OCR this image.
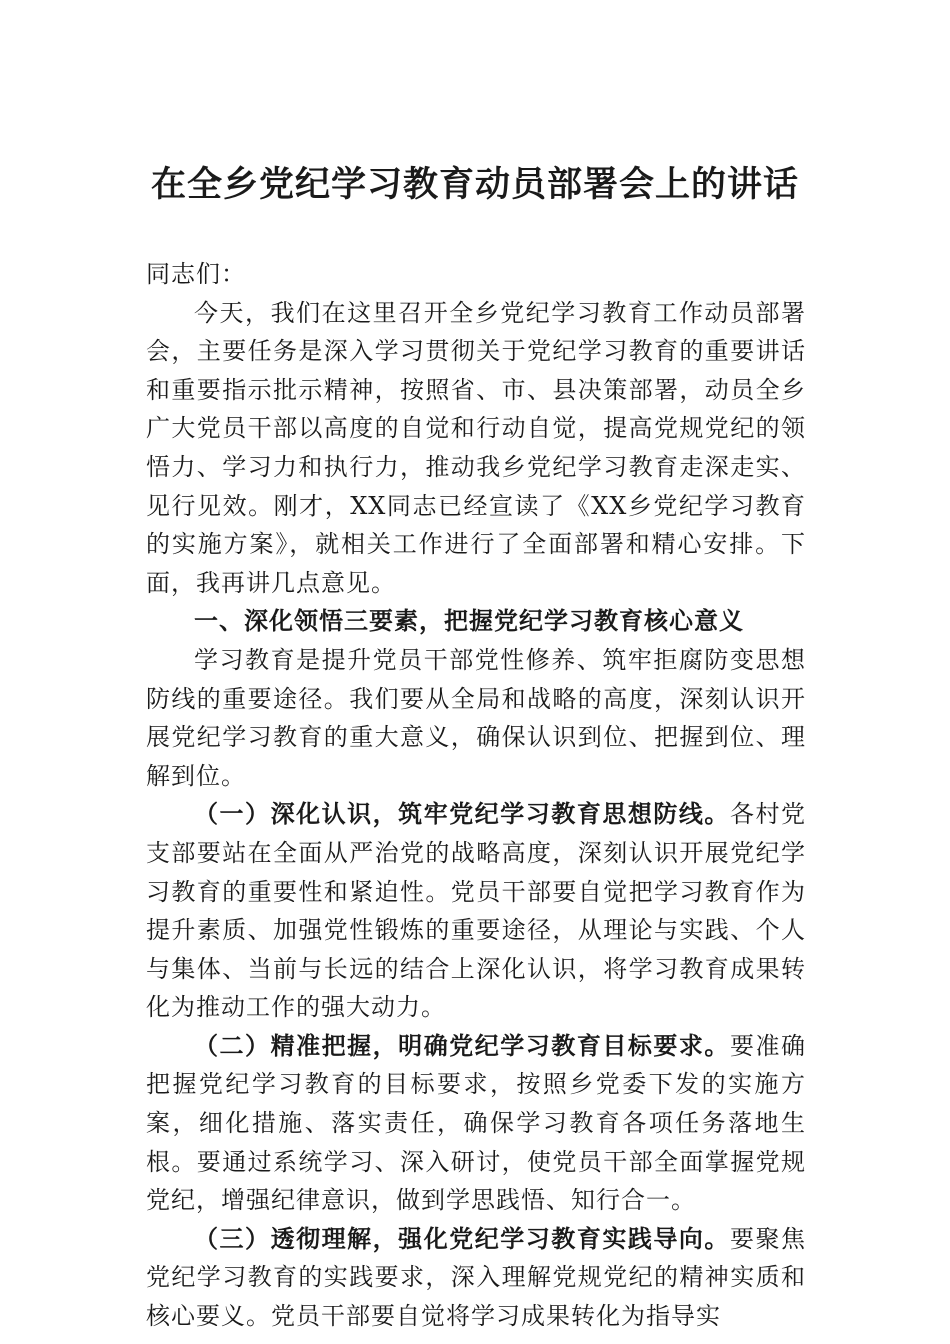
在全乡党纪学习教育动员部署会上的讲话

同志们：

今天，我们在这里召开全乡党纪学习教育工作动员部署会，主要任务是深入学习贯彻关于党纪学习教育的重要讲话和重要指示批示精神，按照省、市、县决策部署，动员全乡广大党员干部以高度的自觉和行动自觉，提高党规党纪的领悟力、学习力和执行力，推动我乡党纪学习教育走深走实、见行见效。刚才，XX同志已经宣读了《XX乡党纪学习教育的实施方案》，就相关工作进行了全面部署和精心安排。下面，我再讲几点意见。

一、深化领悟三要素，把握党纪学习教育核心意义

学习教育是提升党员干部党性修养、筑牢拒腐防变思想防线的重要途径。我们要从全局和战略的高度，深刻认识开展党纪学习教育的重大意义，确保认识到位、把握到位、理解到位。

（一）深化认识，筑牢党纪学习教育思想防线。各村党支部要站在全面从严治党的战略高度，深刻认识开展党纪学习教育的重要性和紧迫性。党员干部要自觉把学习教育作为提升素质、加强党性锻炼的重要途径，从理论与实践、个人与集体、当前与长远的结合上深化认识，将学习教育成果转化为推动工作的强大动力。

（二）精准把握，明确党纪学习教育目标要求。要准确把握党纪学习教育的目标要求，按照乡党委下发的实施方案，细化措施、落实责任，确保学习教育各项任务落地生根。要通过系统学习、深入研讨，使党员干部全面掌握党规党纪，增强纪律意识，做到学思践悟、知行合一。

（三）透彻理解，强化党纪学习教育实践导向。要聚焦党纪学习教育的实践要求，深入理解党规党纪的精神实质和核心要义。党员干部要自觉将学习成果转化为指导实
